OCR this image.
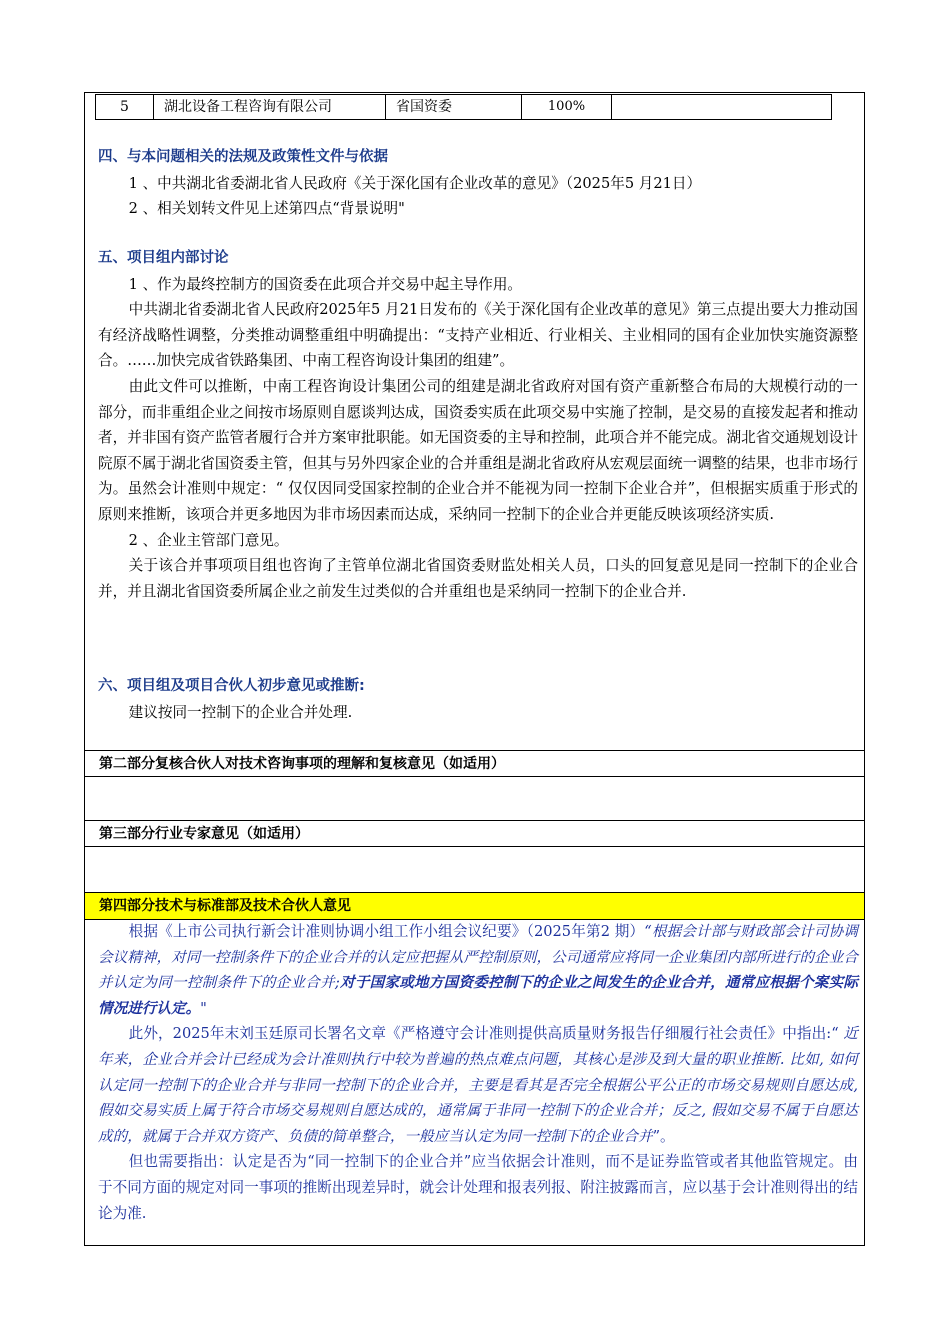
5	湖北设备工程咨询有限公司	省国资委	100%
四、与本问题相关的法规及政策性文件与依据
1 、中共湖北省委湖北省人民政府《关于深化国有企业改革的意见》（2025年5 月21日）
2 、相关划转文件见上述第四点“背景说明"
五、项目组内部讨论
1 、作为最终控制方的国资委在此项合并交易中起主导作用。

中共湖北省委湖北省人民政府2025年5 月21日发布的《关于深化国有企业改革的意见》第三点提出要大力推动国有经济战略性调整，分类推动调整重组中明确提出：“支持产业相近、行业相关、主业相同的国有企业加快实施资源整合。……加快完成省铁路集团、中南工程咨询设计集团的组建”。

由此文件可以推断，中南工程咨询设计集团公司的组建是湖北省政府对国有资产重新整合布局的大规模行动的一部分，而非重组企业之间按市场原则自愿谈判达成，国资委实质在此项交易中实施了控制，是交易的直接发起者和推动者，并非国有资产监管者履行合并方案审批职能。如无国资委的主导和控制，此项合并不能完成。湖北省交通规划设计院原不属于湖北省国资委主管，但其与另外四家企业的合并重组是湖北省政府从宏观层面统一调整的结果，也非市场行为。虽然会计准则中规定：“ 仅仅因同受国家控制的企业合并不能视为同一控制下企业合并”，但根据实质重于形式的原则来推断，该项合并更多地因为非市场因素而达成，采纳同一控制下的企业合并更能反映该项经济实质.

2 、企业主管部门意见。

关于该合并事项项目组也咨询了主管单位湖北省国资委财监处相关人员，口头的回复意见是同一控制下的企业合并，并且湖北省国资委所属企业之前发生过类似的合并重组也是采纳同一控制下的企业合并.

六、项目组及项目合伙人初步意见或推断:
建议按同一控制下的企业合并处理.
第二部分复核合伙人对技术咨询事项的理解和复核意见（如适用）
第三部分行业专家意见（如适用）
第四部分技术与标准部及技术合伙人意见

根据《上市公司执行新会计准则协调小组工作小组会议纪要》（2025年第2 期）“根据会计部与财政部会计司协调会议精神，对同一控制条件下的企业合并的认定应把握从严控制原则，公司通常应将同一企业集团内部所进行的企业合并认定为同一控制条件下的企业合并;对于国家或地方国资委控制下的企业之间发生的企业合并，通常应根据个案实际情况进行认定。"

此外，2025年末刘玉廷原司长署名文章《严格遵守会计准则提供高质量财务报告仔细履行社会责任》中指出:“ 近年来，企业合并会计已经成为会计准则执行中较为普遍的热点难点问题，其核心是涉及到大量的职业推断. 比如, 如何认定同一控制下的企业合并与非同一控制下的企业合并，主要是看其是否完全根据公平公正的市场交易规则自愿达成, 假如交易实质上属于符合市场交易规则自愿达成的，通常属于非同一控制下的企业合并；反之, 假如交易不属于自愿达成的，就属于合并双方资产、负债的简单整合，一般应当认定为同一控制下的企业合并”。

但也需要指出：认定是否为“同一控制下的企业合并”应当依据会计准则，而不是证券监管或者其他监管规定。由于不同方面的规定对同一事项的推断出现差异时，就会计处理和报表列报、附注披露而言，应以基于会计准则得出的结论为准.
